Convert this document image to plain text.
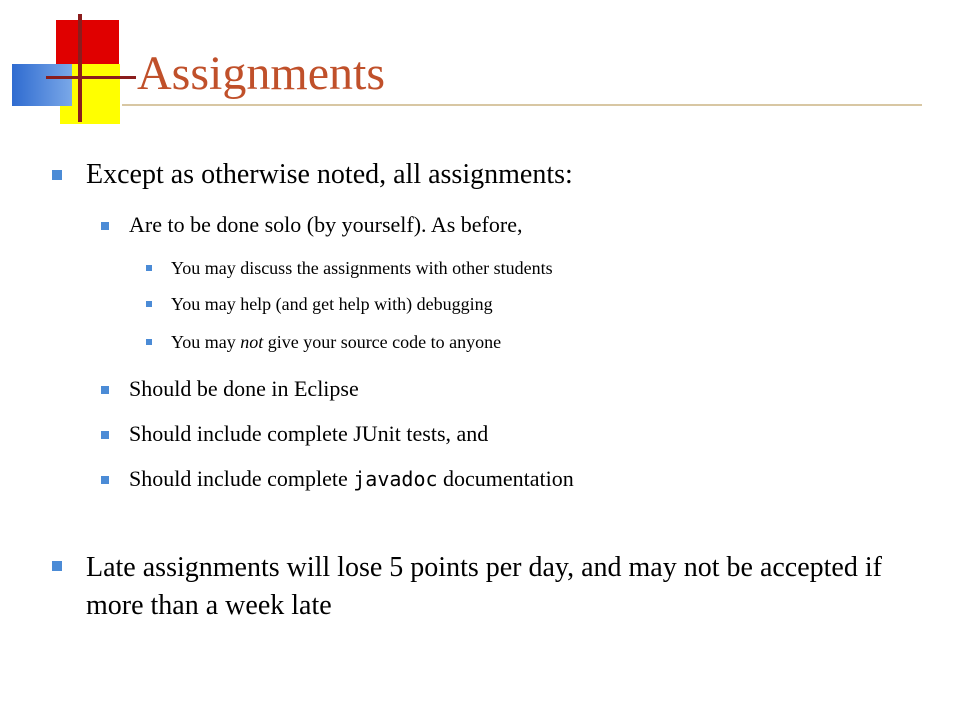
Assignments
Except as otherwise noted, all assignments:
Are to be done solo (by yourself). As before,
You may discuss the assignments with other students
You may help (and get help with) debugging
You may not give your source code to anyone
Should be done in Eclipse
Should include complete JUnit tests, and
Should include complete javadoc documentation
Late assignments will lose 5 points per day, and may not be accepted if more than a week late
